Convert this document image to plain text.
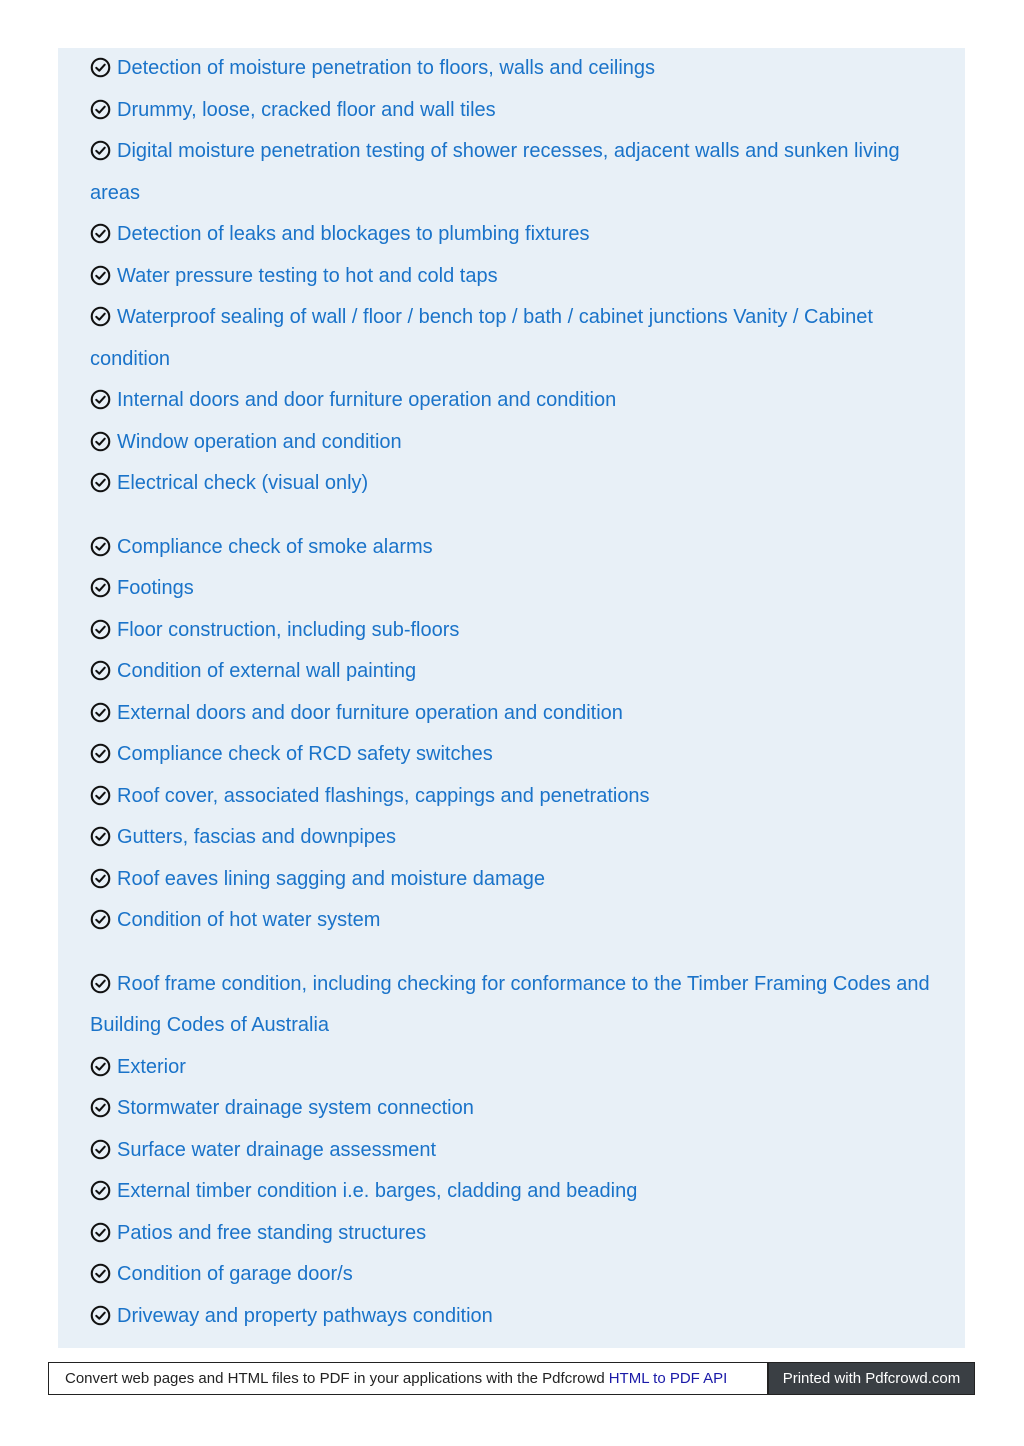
Detection of moisture penetration to floors, walls and ceilings
Drummy, loose, cracked floor and wall tiles
Digital moisture penetration testing of shower recesses, adjacent walls and sunken living areas
Detection of leaks and blockages to plumbing fixtures
Water pressure testing to hot and cold taps
Waterproof sealing of wall / floor / bench top / bath / cabinet junctions Vanity / Cabinet condition
Internal doors and door furniture operation and condition
Window operation and condition
Electrical check (visual only)
Compliance check of smoke alarms
Footings
Floor construction, including sub-floors
Condition of external wall painting
External doors and door furniture operation and condition
Compliance check of RCD safety switches
Roof cover, associated flashings, cappings and penetrations
Gutters, fascias and downpipes
Roof eaves lining sagging and moisture damage
Condition of hot water system
Roof frame condition, including checking for conformance to the Timber Framing Codes and Building Codes of Australia
Exterior
Stormwater drainage system connection
Surface water drainage assessment
External timber condition i.e. barges, cladding and beading
Patios and free standing structures
Condition of garage door/s
Driveway and property pathways condition
Convert web pages and HTML files to PDF in your applications with the Pdfcrowd HTML to PDF API	Printed with Pdfcrowd.com
